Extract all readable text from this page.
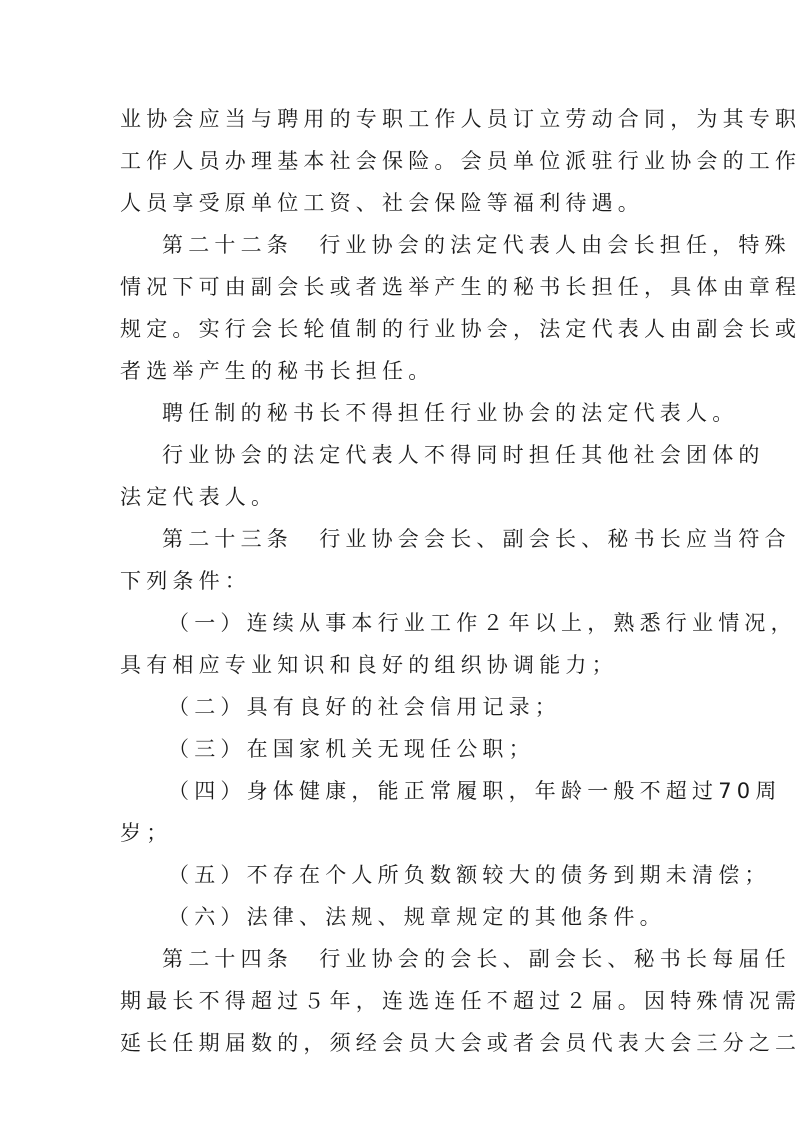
业协会应当与聘用的专职工作人员订立劳动合同，为其专职
工作人员办理基本社会保险。会员单位派驻行业协会的工作
人员享受原单位工资、社会保险等福利待遇。
第二十二条　行业协会的法定代表人由会长担任，特殊
情况下可由副会长或者选举产生的秘书长担任，具体由章程
规定。实行会长轮值制的行业协会，法定代表人由副会长或
者选举产生的秘书长担任。
聘任制的秘书长不得担任行业协会的法定代表人。
行业协会的法定代表人不得同时担任其他社会团体的
法定代表人。
第二十三条　行业协会会长、副会长、秘书长应当符合
下列条件：
（一）连续从事本行业工作２年以上，熟悉行业情况，
具有相应专业知识和良好的组织协调能力；
（二）具有良好的社会信用记录；
（三）在国家机关无现任公职；
（四）身体健康，能正常履职，年龄一般不超过70周
岁；
（五）不存在个人所负数额较大的债务到期未清偿；
（六）法律、法规、规章规定的其他条件。
第二十四条　行业协会的会长、副会长、秘书长每届任
期最长不得超过５年，连选连任不超过２届。因特殊情况需
延长任期届数的，须经会员大会或者会员代表大会三分之二
